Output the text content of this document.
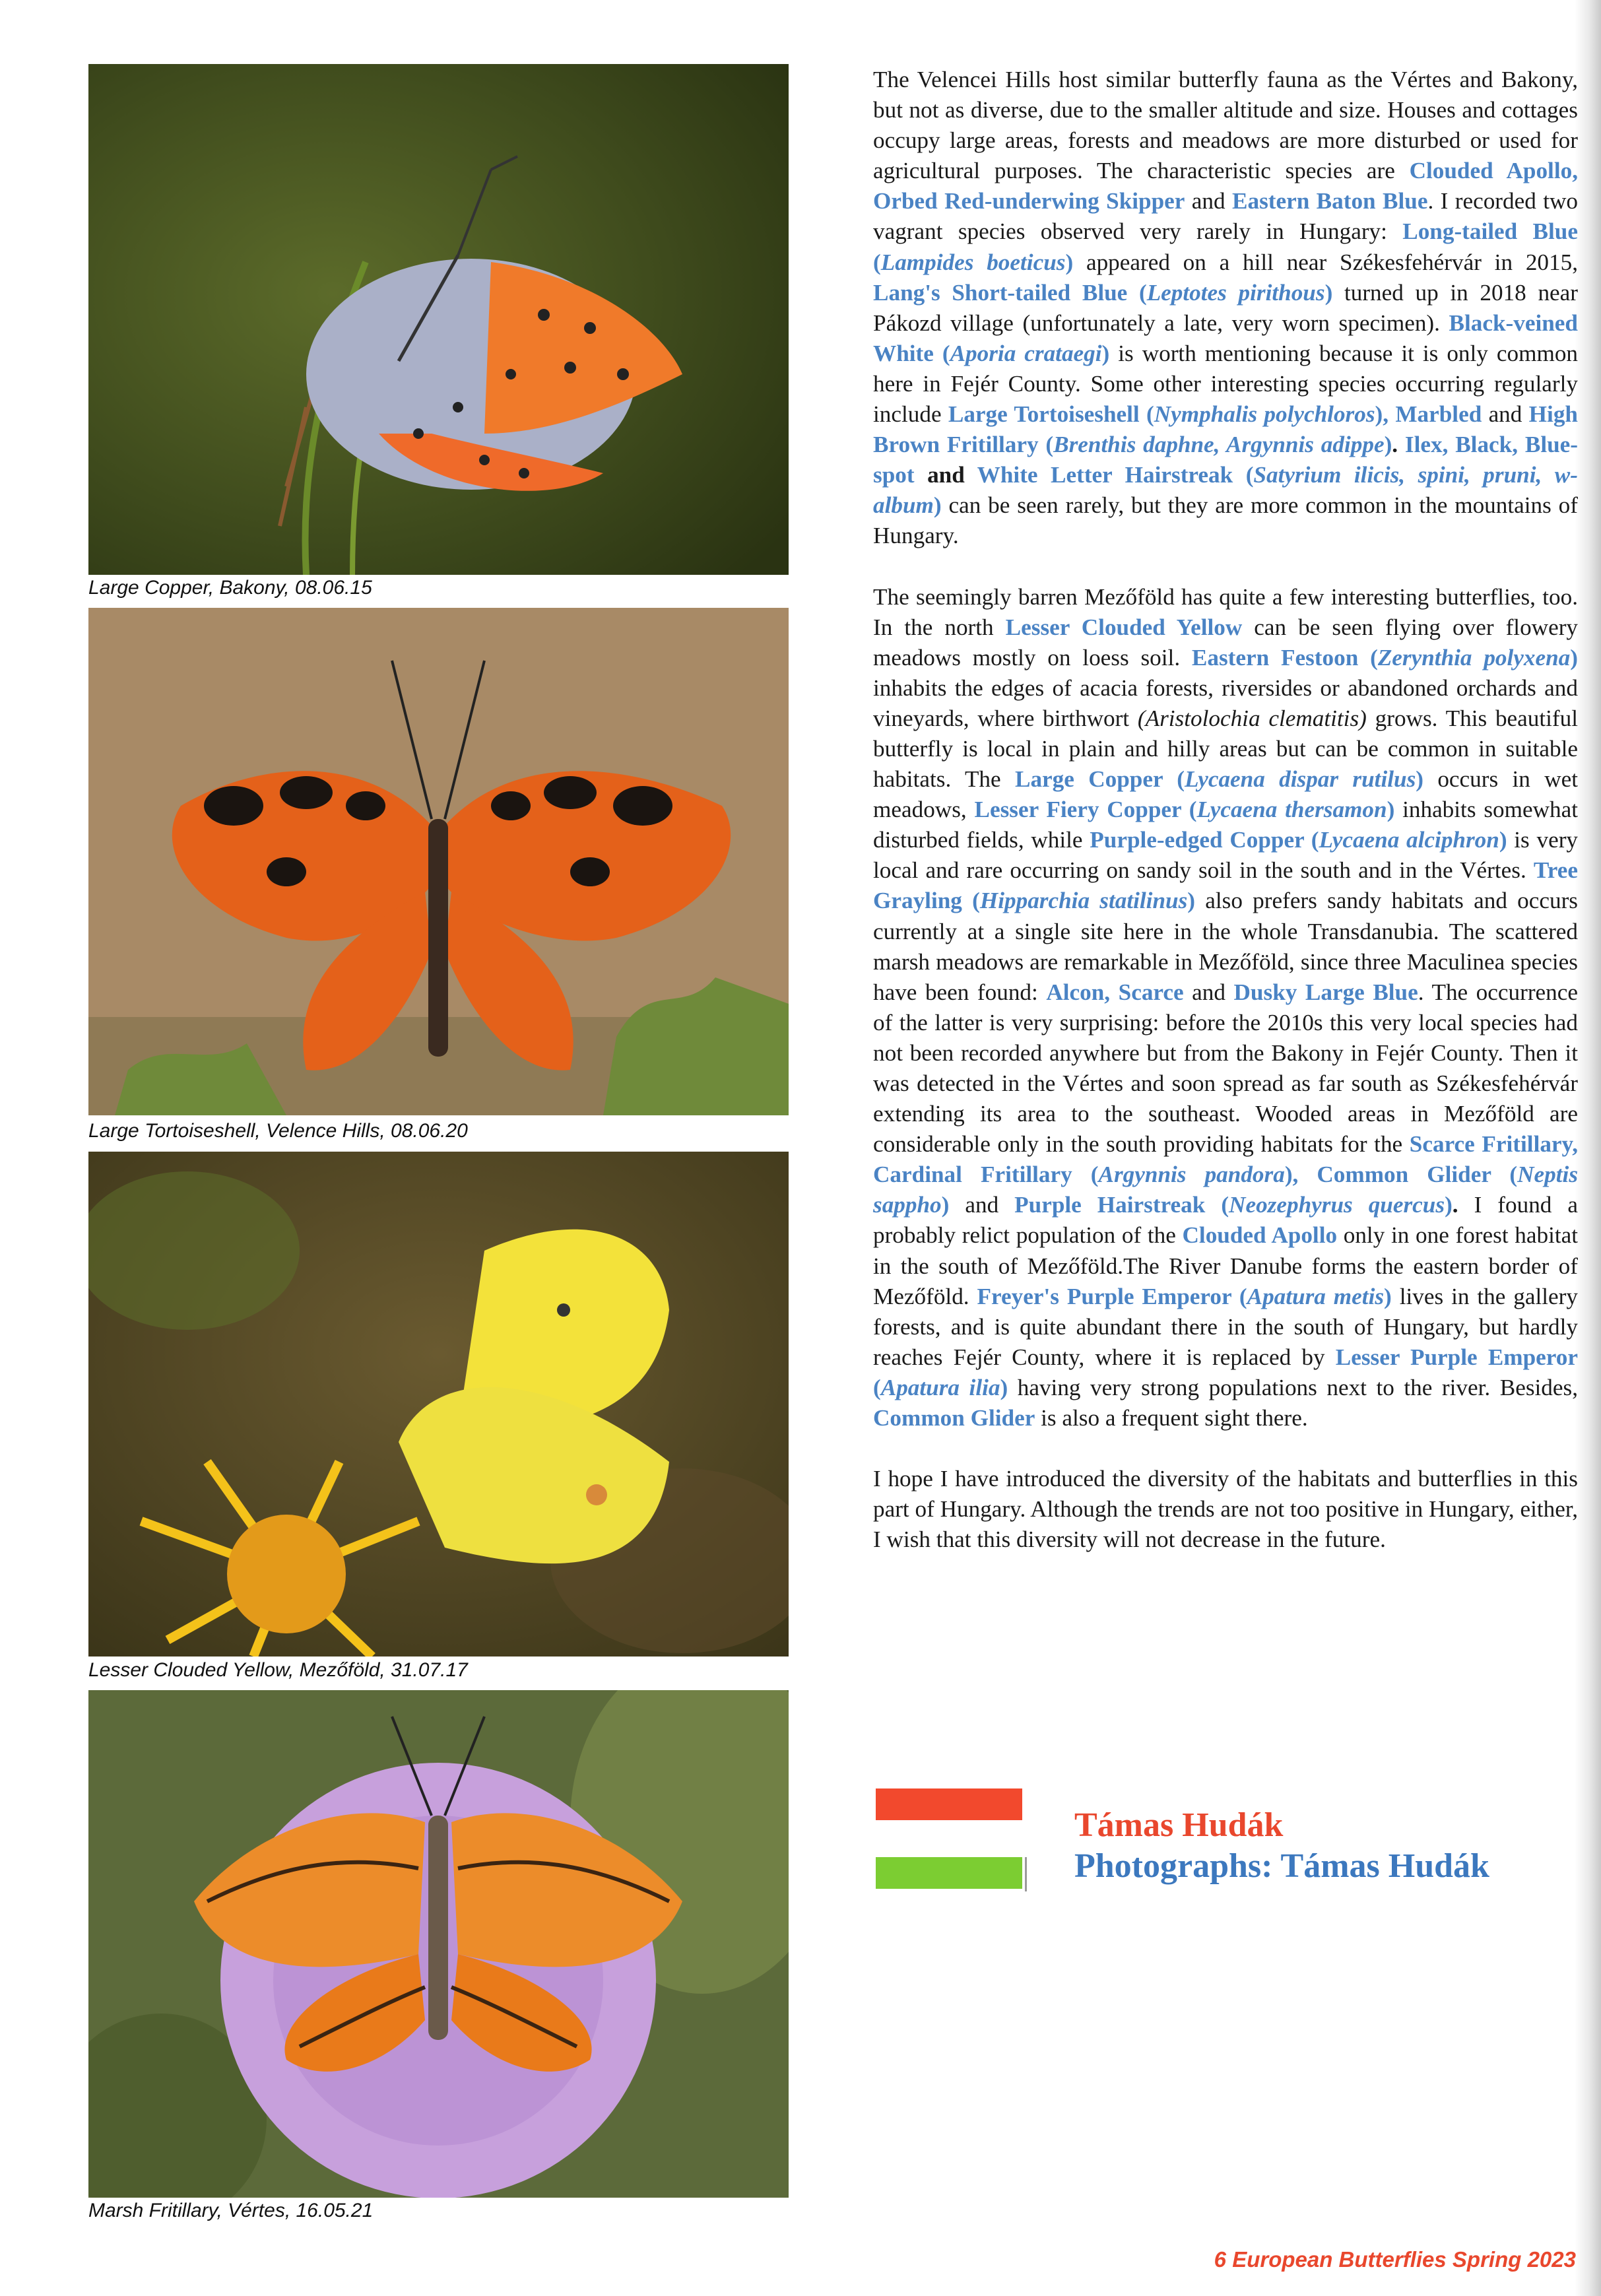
Large Copper, Bakony, 08.06.15
Large Tortoiseshell, Velence Hills, 08.06.20
Lesser Clouded Yellow, Mezőföld, 31.07.17
Marsh Fritillary, Vértes, 16.05.21

The Velencei Hills host similar butterfly fauna as the Vértes and Bakony, but not as diverse, due to the smaller altitude and size. Houses and cottages occupy large areas, forests and meadows are more disturbed or used for agricultural purposes. The characteristic species are Clouded Apollo, Orbed Red-underwing Skipper and Eastern Baton Blue. I recorded two vagrant species observed very rarely in Hungary: Long-tailed Blue (Lampides boeticus) appeared on a hill near Székesfehérvár in 2015, Lang's Short-tailed Blue (Leptotes pirithous) turned up in 2018 near Pákozd village (unfortunately a late, very worn specimen). Black-veined White (Aporia crataegi) is worth mentioning because it is only common here in Fejér County. Some other interesting species occurring regularly include Large Tortoiseshell (Nymphalis polychloros), Marbled and High Brown Fritillary (Brenthis daphne, Argynnis adippe). Ilex, Black, Blue-spot and White Letter Hairstreak (Satyrium ilicis, spini, pruni, w-album) can be seen rarely, but they are more common in the mountains of Hungary.

The seemingly barren Mezőföld has quite a few interesting butterflies, too. In the north Lesser Clouded Yellow can be seen flying over flowery meadows mostly on loess soil. Eastern Festoon (Zerynthia polyxena) inhabits the edges of acacia forests, riversides or abandoned orchards and vineyards, where birthwort (Aristolochia clematitis) grows. This beautiful butterfly is local in plain and hilly areas but can be common in suitable habitats. The Large Copper (Lycaena dispar rutilus) occurs in wet meadows, Lesser Fiery Copper (Lycaena thersamon) inhabits somewhat disturbed fields, while Purple-edged Copper (Lycaena alciphron) is very local and rare occurring on sandy soil in the south and in the Vértes. Tree Grayling (Hipparchia statilinus) also prefers sandy habitats and occurs currently at a single site here in the whole Transdanubia. The scattered marsh meadows are remarkable in Mezőföld, since three Maculinea species have been found: Alcon, Scarce and Dusky Large Blue. The occurrence of the latter is very surprising: before the 2010s this very local species had not been recorded anywhere but from the Bakony in Fejér County. Then it was detected in the Vértes and soon spread as far south as Székesfehérvár extending its area to the southeast. Wooded areas in Mezőföld are considerable only in the south providing habitats for the Scarce Fritillary, Cardinal Fritillary (Argynnis pandora), Common Glider (Neptis sappho) and Purple Hairstreak (Neozephyrus quercus). I found a probably relict population of the Clouded Apollo only in one forest habitat in the south of Mezőföld.The River Danube forms the eastern border of Mezőföld. Freyer's Purple Emperor (Apatura metis) lives in the gallery forests, and is quite abundant there in the south of Hungary, but hardly reaches Fejér County, where it is replaced by Lesser Purple Emperor (Apatura ilia) having very strong populations next to the river. Besides, Common Glider is also a frequent sight there.

I hope I have introduced the diversity of the habitats and butterflies in this part of Hungary. Although the trends are not too positive in Hungary, either, I wish that this diversity will not decrease in the future.

Támas Hudák
Photographs: Támas Hudák
6 European Butterflies Spring 2023
